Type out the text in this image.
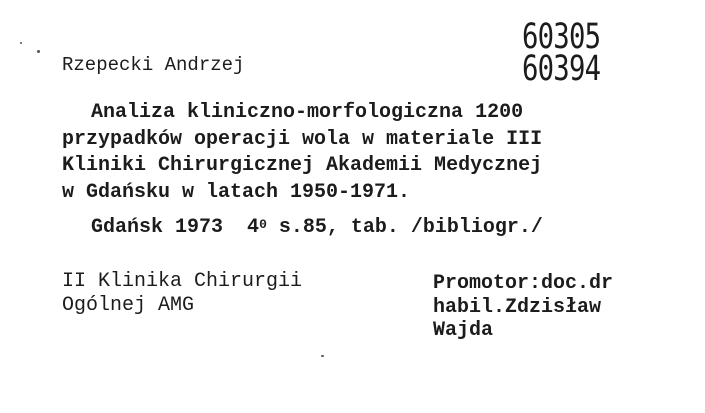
Rzepecki Andrzej
60305
60394
Analiza kliniczno-morfologiczna 1200
przypadków operacji wola w materiale III
Kliniki Chirurgicznej Akademii Medycznej
w Gdańsku w latach 1950-1971.
Gdańsk 1973 $4^0$ s.85, tab. /bibliogr./
II Klinika Chirurgii
Ogólnej AMG
Promotor:doc.dr
habil.Zdzisław
Wajda
